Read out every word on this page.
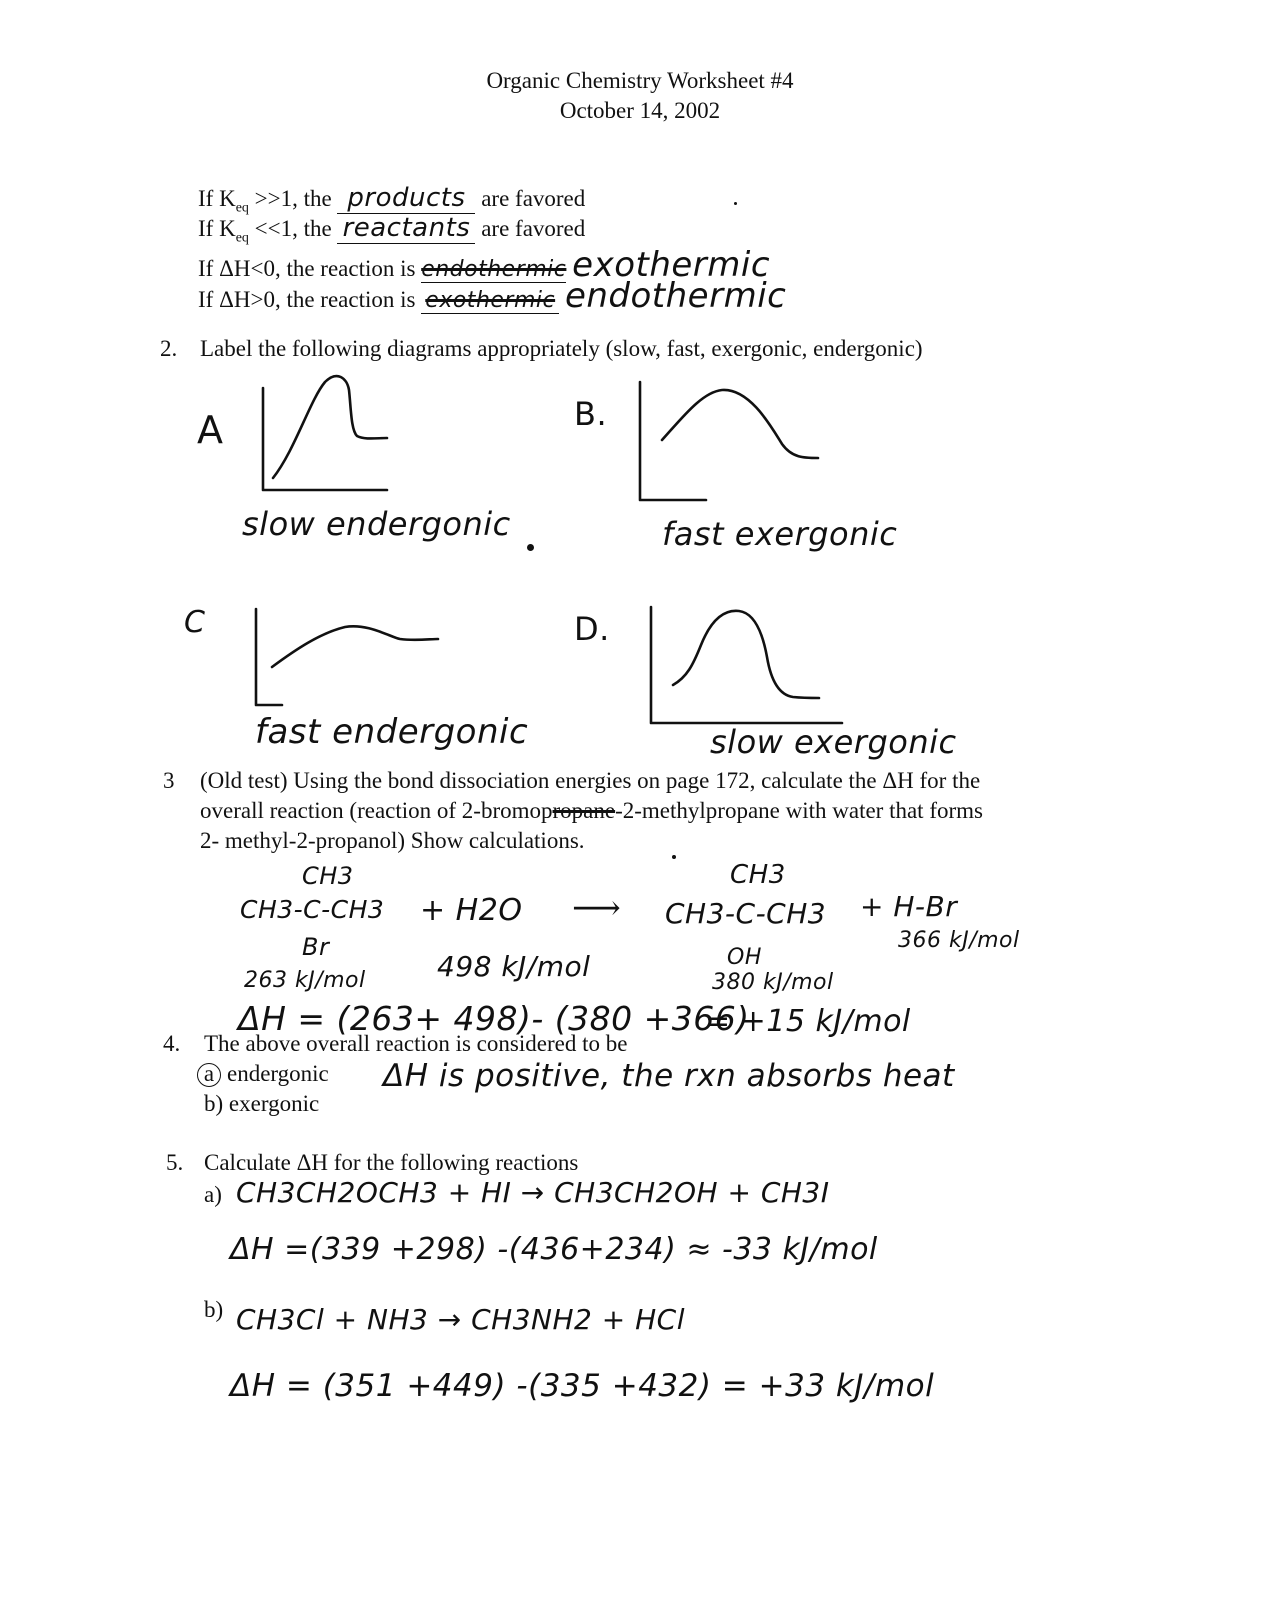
Organic Chemistry Worksheet #4
October 14, 2002
If $K_{eq} >>1$, the products are favored
If $K_{eq} <<1$, the reactants are favored
If ΔH<0, the reaction is endothermic exothermic
If ΔH>0, the reaction is exothermic endothermic
2. Label the following diagrams appropriately (slow, fast, exergonic, endergonic)
A
slow endergonic
B.
fast exergonic
C
fast endergonic
D.
slow exergonic
3 (Old test) Using the bond dissociation energies on page 172, calculate the ΔH for the
overall reaction (reaction of 2-bromopropane-2-methylpropane with water that forms
2- methyl-2-propanol) Show calculations.
CH3
CH3-C-CH3
Br
+ H2O ⟶
CH3
CH3-C-CH3
OH
+ H-Br
263 kJ/mol	498 kJ/mol	380 kJ/mol
366 kJ/mol
ΔH = (263+ 498)- (380 +366)
= +15 kJ/mol
4. The above overall reaction is considered to be
a endergonic
b) exergonic
ΔH is positive, the rxn absorbs heat
5. Calculate ΔH for the following reactions
a) CH3CH2OCH3 + HI → CH3CH2OH + CH3I
ΔH =(339 +298) -(436+234) ≈ -33 kJ/mol
b) CH3Cl + NH3 → CH3NH2 + HCl
ΔH = (351 +449) -(335 +432) = +33 kJ/mol
